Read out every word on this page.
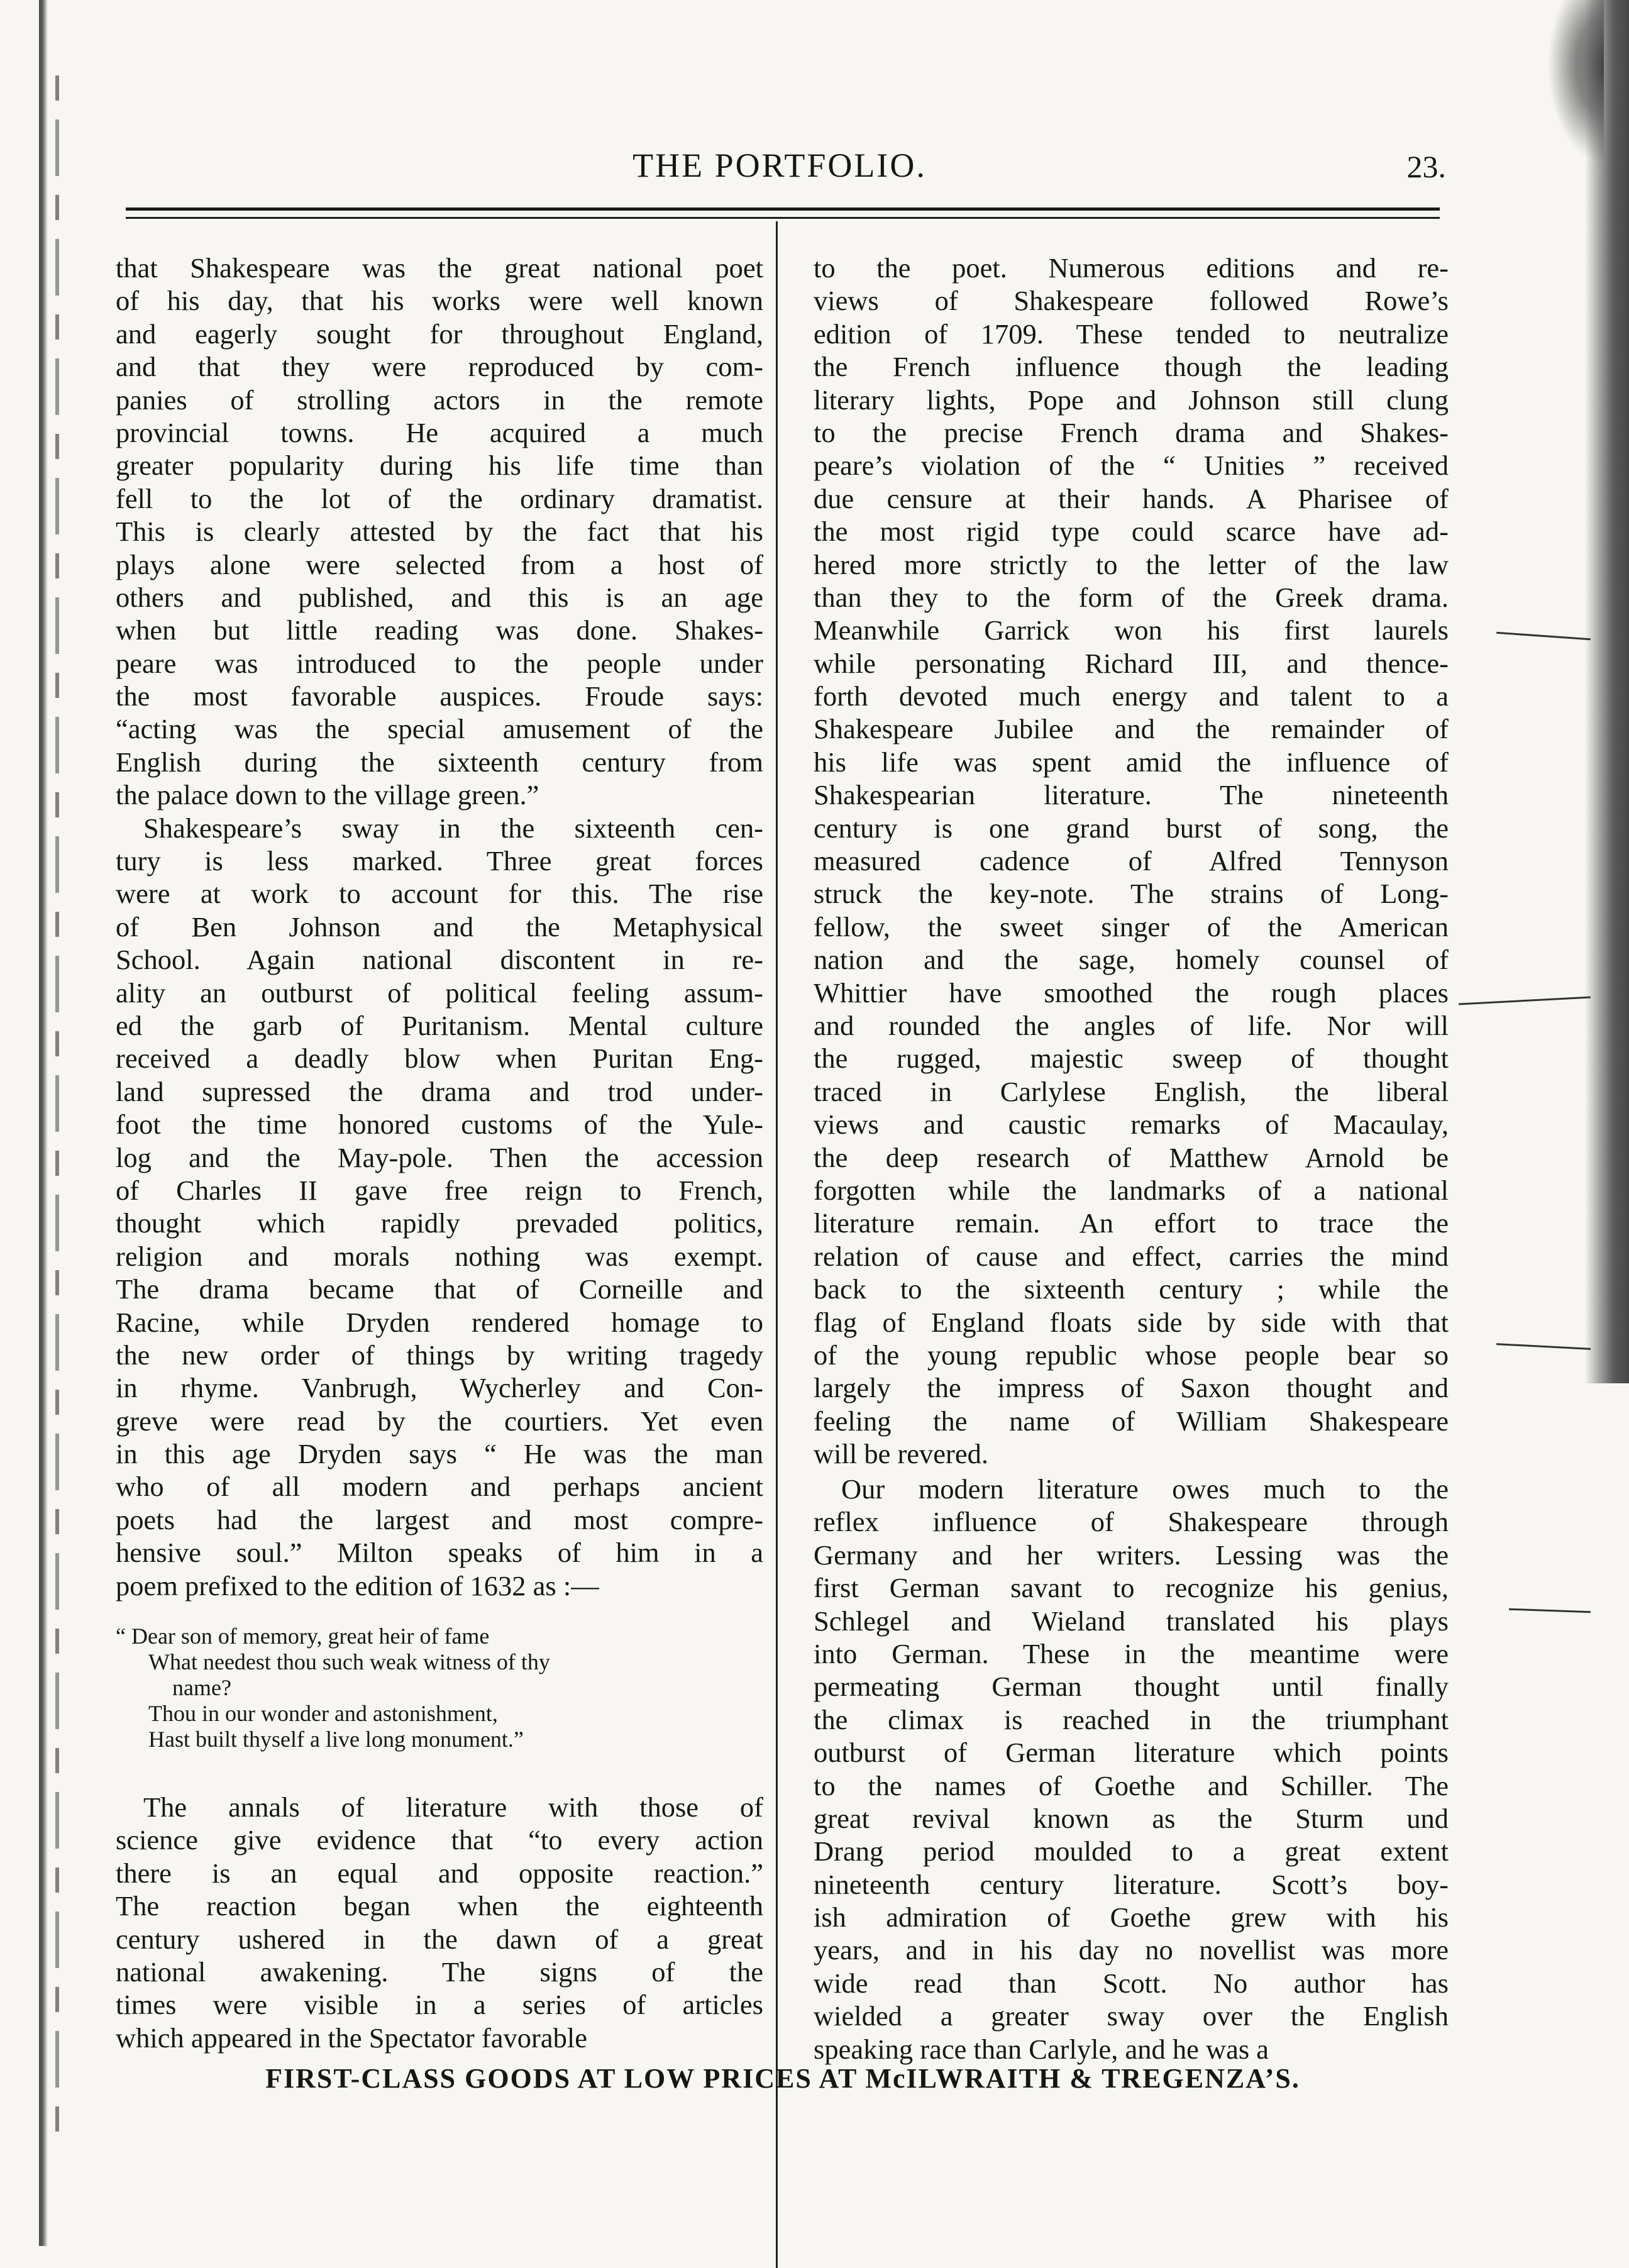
THE PORTFOLIO.	23.
that Shakespeare was the great national poet
of his day, that his works were well known
and eagerly sought for throughout England,
and that they were reproduced by com-
panies of strolling actors in the remote
provincial towns. He acquired a much
greater popularity during his life time than
fell to the lot of the ordinary dramatist.
This is clearly attested by the fact that his
plays alone were selected from a host of
others and published, and this is an age
when but little reading was done. Shakes-
peare was introduced to the people under
the most favorable auspices. Froude says:
“acting was the special amusement of the
English during the sixteenth century from
the palace down to the village green.”
Shakespeare’s sway in the sixteenth cen-
tury is less marked. Three great forces
were at work to account for this. The rise
of Ben Johnson and the Metaphysical
School. Again national discontent in re-
ality an outburst of political feeling assum-
ed the garb of Puritanism. Mental culture
received a deadly blow when Puritan Eng-
land supressed the drama and trod under-
foot the time honored customs of the Yule-
log and the May-pole. Then the accession
of Charles II gave free reign to French,
thought which rapidly prevaded politics,
religion and morals nothing was exempt.
The drama became that of Corneille and
Racine, while Dryden rendered homage to
the new order of things by writing tragedy
in rhyme. Vanbrugh, Wycherley and Con-
greve were read by the courtiers. Yet even
in this age Dryden says “ He was the man
who of all modern and perhaps ancient
poets had the largest and most compre-
hensive soul.” Milton speaks of him in a
poem prefixed to the edition of 1632 as :—
“ Dear son of memory, great heir of fame
What needest thou such weak witness of thy
name?
Thou in our wonder and astonishment,
Hast built thyself a live long monument.”
The annals of literature with those of
science give evidence that “to every action
there is an equal and opposite reaction.”
The reaction began when the eighteenth
century ushered in the dawn of a great
national awakening. The signs of the
times were visible in a series of articles
which appeared in the Spectator favorable
to the poet. Numerous editions and re-
views of Shakespeare followed Rowe’s
edition of 1709. These tended to neutralize
the French influence though the leading
literary lights, Pope and Johnson still clung
to the precise French drama and Shakes-
peare’s violation of the “ Unities ” received
due censure at their hands. A Pharisee of
the most rigid type could scarce have ad-
hered more strictly to the letter of the law
than they to the form of the Greek drama.
Meanwhile Garrick won his first laurels
while personating Richard III, and thence-
forth devoted much energy and talent to a
Shakespeare Jubilee and the remainder of
his life was spent amid the influence of
Shakespearian literature. The nineteenth
century is one grand burst of song, the
measured cadence of Alfred Tennyson
struck the key-note. The strains of Long-
fellow, the sweet singer of the American
nation and the sage, homely counsel of
Whittier have smoothed the rough places
and rounded the angles of life. Nor will
the rugged, majestic sweep of thought
traced in Carlylese English, the liberal
views and caustic remarks of Macaulay,
the deep research of Matthew Arnold be
forgotten while the landmarks of a national
literature remain. An effort to trace the
relation of cause and effect, carries the mind
back to the sixteenth century ; while the
flag of England floats side by side with that
of the young republic whose people bear so
largely the impress of Saxon thought and
feeling the name of William Shakespeare
will be revered.
Our modern literature owes much to the
reflex influence of Shakespeare through
Germany and her writers. Lessing was the
first German savant to recognize his genius,
Schlegel and Wieland translated his plays
into German. These in the meantime were
permeating German thought until finally
the climax is reached in the triumphant
outburst of German literature which points
to the names of Goethe and Schiller. The
great revival known as the Sturm und
Drang period moulded to a great extent
nineteenth century literature. Scott’s boy-
ish admiration of Goethe grew with his
years, and in his day no novellist was more
wide read than Scott. No author has
wielded a greater sway over the English
speaking race than Carlyle, and he was a
FIRST-CLASS GOODS AT LOW PRICES AT McILWRAITH & TREGENZA’S.
